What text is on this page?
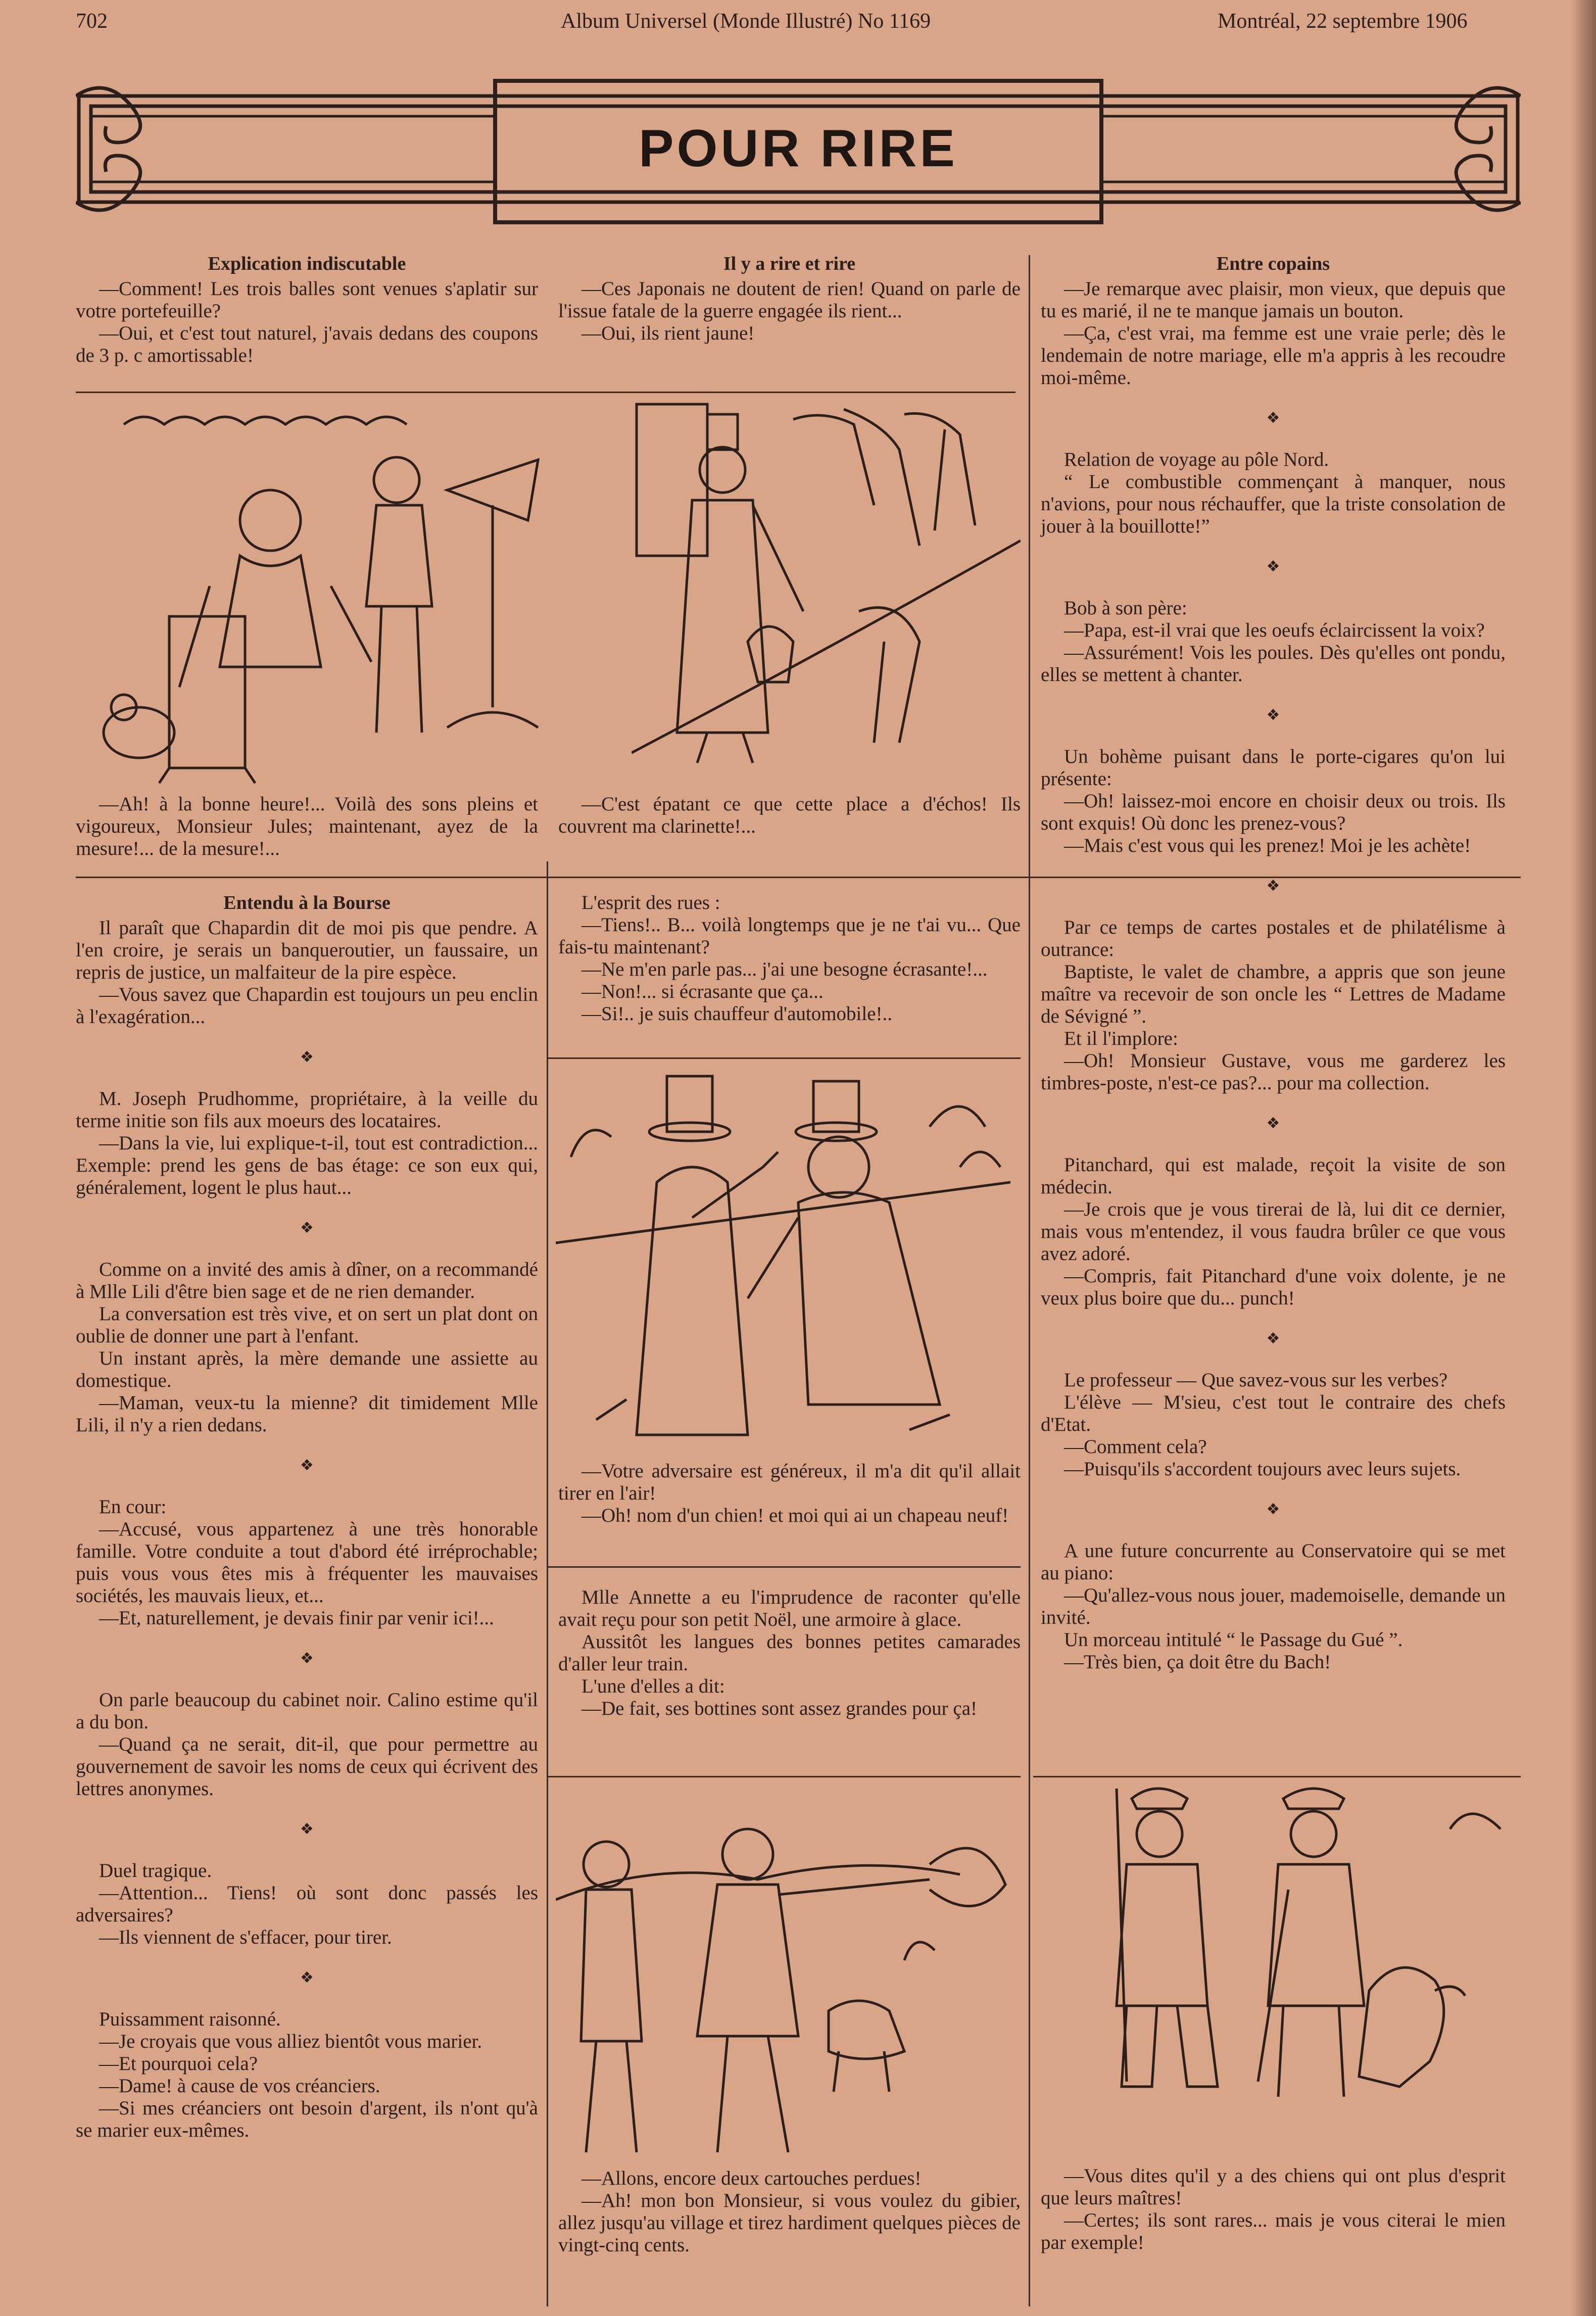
702	Album Universel (Monde Illustré) No 1169	Montréal, 22 septembre 1906
POUR RIRE
Explication indiscutable

—Comment! Les trois balles sont venues s'aplatir sur votre portefeuille?

—Oui, et c'est tout naturel, j'avais dedans des coupons de 3 p. c amortissable!

—Ah! à la bonne heure!... Voilà des sons pleins et vigoureux, Monsieur Jules; maintenant, ayez de la mesure!... de la mesure!...

Entendu à la Bourse

Il paraît que Chapardin dit de moi pis que pendre. A l'en croire, je serais un banqueroutier, un faussaire, un repris de justice, un malfaiteur de la pire espèce.

—Vous savez que Chapardin est toujours un peu enclin à l'exagération...

❖

M. Joseph Prudhomme, propriétaire, à la veille du terme initie son fils aux moeurs des locataires.

—Dans la vie, lui explique-t-il, tout est contradiction... Exemple: prend les gens de bas étage: ce son eux qui, généralement, logent le plus haut...

❖

Comme on a invité des amis à dîner, on a recommandé à Mlle Lili d'être bien sage et de ne rien demander.

La conversation est très vive, et on sert un plat dont on oublie de donner une part à l'enfant.

Un instant après, la mère demande une assiette au domestique.

—Maman, veux-tu la mienne? dit timidement Mlle Lili, il n'y a rien dedans.

❖

En cour:

—Accusé, vous appartenez à une très honorable famille. Votre conduite a tout d'abord été irréprochable; puis vous vous êtes mis à fréquenter les mauvaises sociétés, les mauvais lieux, et...

—Et, naturellement, je devais finir par venir ici!...

❖

On parle beaucoup du cabinet noir. Calino estime qu'il a du bon.

—Quand ça ne serait, dit-il, que pour permettre au gouvernement de savoir les noms de ceux qui écrivent des lettres anonymes.

❖

Duel tragique.

—Attention... Tiens! où sont donc passés les adversaires?

—Ils viennent de s'effacer, pour tirer.

❖

Puissamment raisonné.

—Je croyais que vous alliez bientôt vous marier.

—Et pourquoi cela?

—Dame! à cause de vos créanciers.

—Si mes créanciers ont besoin d'argent, ils n'ont qu'à se marier eux-mêmes.

Il y a rire et rire

—Ces Japonais ne doutent de rien! Quand on parle de l'issue fatale de la guerre engagée ils rient...

—Oui, ils rient jaune!

—C'est épatant ce que cette place a d'échos! Ils couvrent ma clarinette!...

L'esprit des rues :

—Tiens!.. B... voilà longtemps que je ne t'ai vu... Que fais-tu maintenant?

—Ne m'en parle pas... j'ai une besogne écrasante!...

—Non!... si écrasante que ça...

—Si!.. je suis chauffeur d'automobile!..

—Votre adversaire est généreux, il m'a dit qu'il allait tirer en l'air!

—Oh! nom d'un chien! et moi qui ai un chapeau neuf!

Mlle Annette a eu l'imprudence de raconter qu'elle avait reçu pour son petit Noël, une armoire à glace.

Aussitôt les langues des bonnes petites camarades d'aller leur train.

L'une d'elles a dit:

—De fait, ses bottines sont assez grandes pour ça!

—Allons, encore deux cartouches perdues!

—Ah! mon bon Monsieur, si vous voulez du gibier, allez jusqu'au village et tirez hardiment quelques pièces de vingt-cinq cents.

Entre copains

—Je remarque avec plaisir, mon vieux, que depuis que tu es marié, il ne te manque jamais un bouton.

—Ça, c'est vrai, ma femme est une vraie perle; dès le lendemain de notre mariage, elle m'a appris à les recoudre moi-même.

❖

Relation de voyage au pôle Nord.

“ Le combustible commençant à manquer, nous n'avions, pour nous réchauffer, que la triste consolation de jouer à la bouillotte!”

❖

Bob à son père:

—Papa, est-il vrai que les oeufs éclaircissent la voix?

—Assurément! Vois les poules. Dès qu'elles ont pondu, elles se mettent à chanter.

❖

Un bohème puisant dans le porte-cigares qu'on lui présente:

—Oh! laissez-moi encore en choisir deux ou trois. Ils sont exquis! Où donc les prenez-vous?

—Mais c'est vous qui les prenez! Moi je les achète!

❖

Par ce temps de cartes postales et de philatélisme à outrance:

Baptiste, le valet de chambre, a appris que son jeune maître va recevoir de son oncle les “ Lettres de Madame de Sévigné ”.

Et il l'implore:

—Oh! Monsieur Gustave, vous me garderez les timbres-poste, n'est-ce pas?... pour ma collection.

❖

Pitanchard, qui est malade, reçoit la visite de son médecin.

—Je crois que je vous tirerai de là, lui dit ce dernier, mais vous m'entendez, il vous faudra brûler ce que vous avez adoré.

—Compris, fait Pitanchard d'une voix dolente, je ne veux plus boire que du... punch!

❖

Le professeur — Que savez-vous sur les verbes?

L'élève — M'sieu, c'est tout le contraire des chefs d'Etat.

—Comment cela?

—Puisqu'ils s'accordent toujours avec leurs sujets.

❖

A une future concurrente au Conservatoire qui se met au piano:

—Qu'allez-vous nous jouer, mademoiselle, demande un invité.

Un morceau intitulé “ le Passage du Gué ”.

—Très bien, ça doit être du Bach!

—Vous dites qu'il y a des chiens qui ont plus d'esprit que leurs maîtres!

—Certes; ils sont rares... mais je vous citerai le mien par exemple!
